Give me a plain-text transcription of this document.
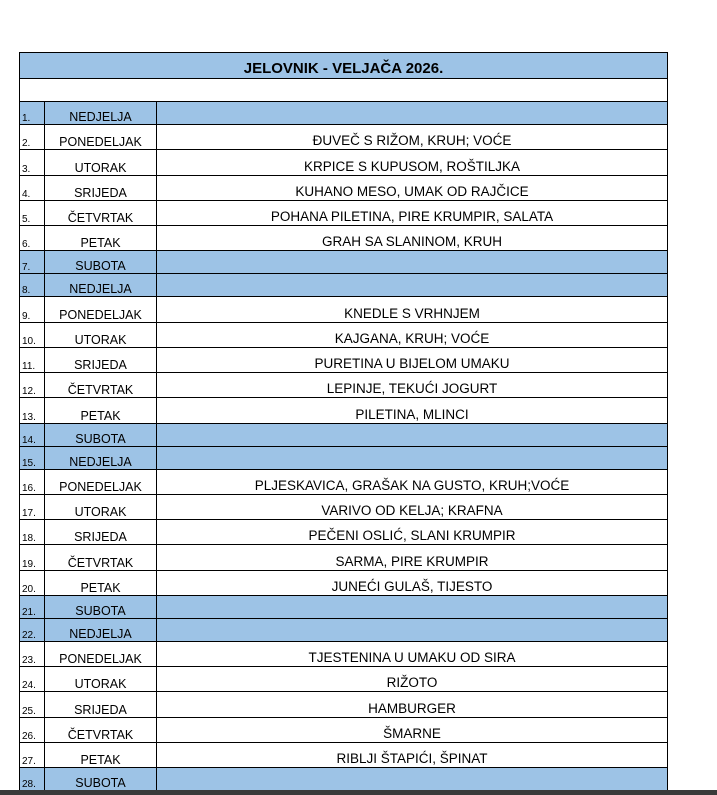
JELOVNIK - VELJAČA 2026.		

1.	NEDJELJA	
2.	PONEDELJAK	ĐUVEČ S RIŽOM, KRUH; VOĆE
3.	UTORAK	KRPICE S KUPUSOM, ROŠTILJKA
4.	SRIJEDA	KUHANO MESO, UMAK OD RAJČICE
5.	ČETVRTAK	POHANA PILETINA, PIRE KRUMPIR, SALATA
6.	PETAK	GRAH SA SLANINOM, KRUH
7.	SUBOTA	
8.	NEDJELJA	
9.	PONEDELJAK	KNEDLE S VRHNJEM
10.	UTORAK	KAJGANA, KRUH; VOĆE
11.	SRIJEDA	PURETINA U BIJELOM UMAKU
12.	ČETVRTAK	LEPINJE, TEKUĆI JOGURT
13.	PETAK	PILETINA, MLINCI
14.	SUBOTA	
15.	NEDJELJA	
16.	PONEDELJAK	PLJESKAVICA, GRAŠAK NA GUSTO, KRUH;VOĆE
17.	UTORAK	VARIVO OD KELJA; KRAFNA
18.	SRIJEDA	PEČENI OSLIĆ, SLANI KRUMPIR
19.	ČETVRTAK	SARMA, PIRE KRUMPIR
20.	PETAK	JUNEĆI GULAŠ, TIJESTO
21.	SUBOTA	
22.	NEDJELJA	
23.	PONEDELJAK	TJESTENINA U UMAKU OD SIRA
24.	UTORAK	RIŽOTO
25.	SRIJEDA	HAMBURGER
26.	ČETVRTAK	ŠMARNE
27.	PETAK	RIBLJI ŠTAPIĆI, ŠPINAT
28.	SUBOTA	
